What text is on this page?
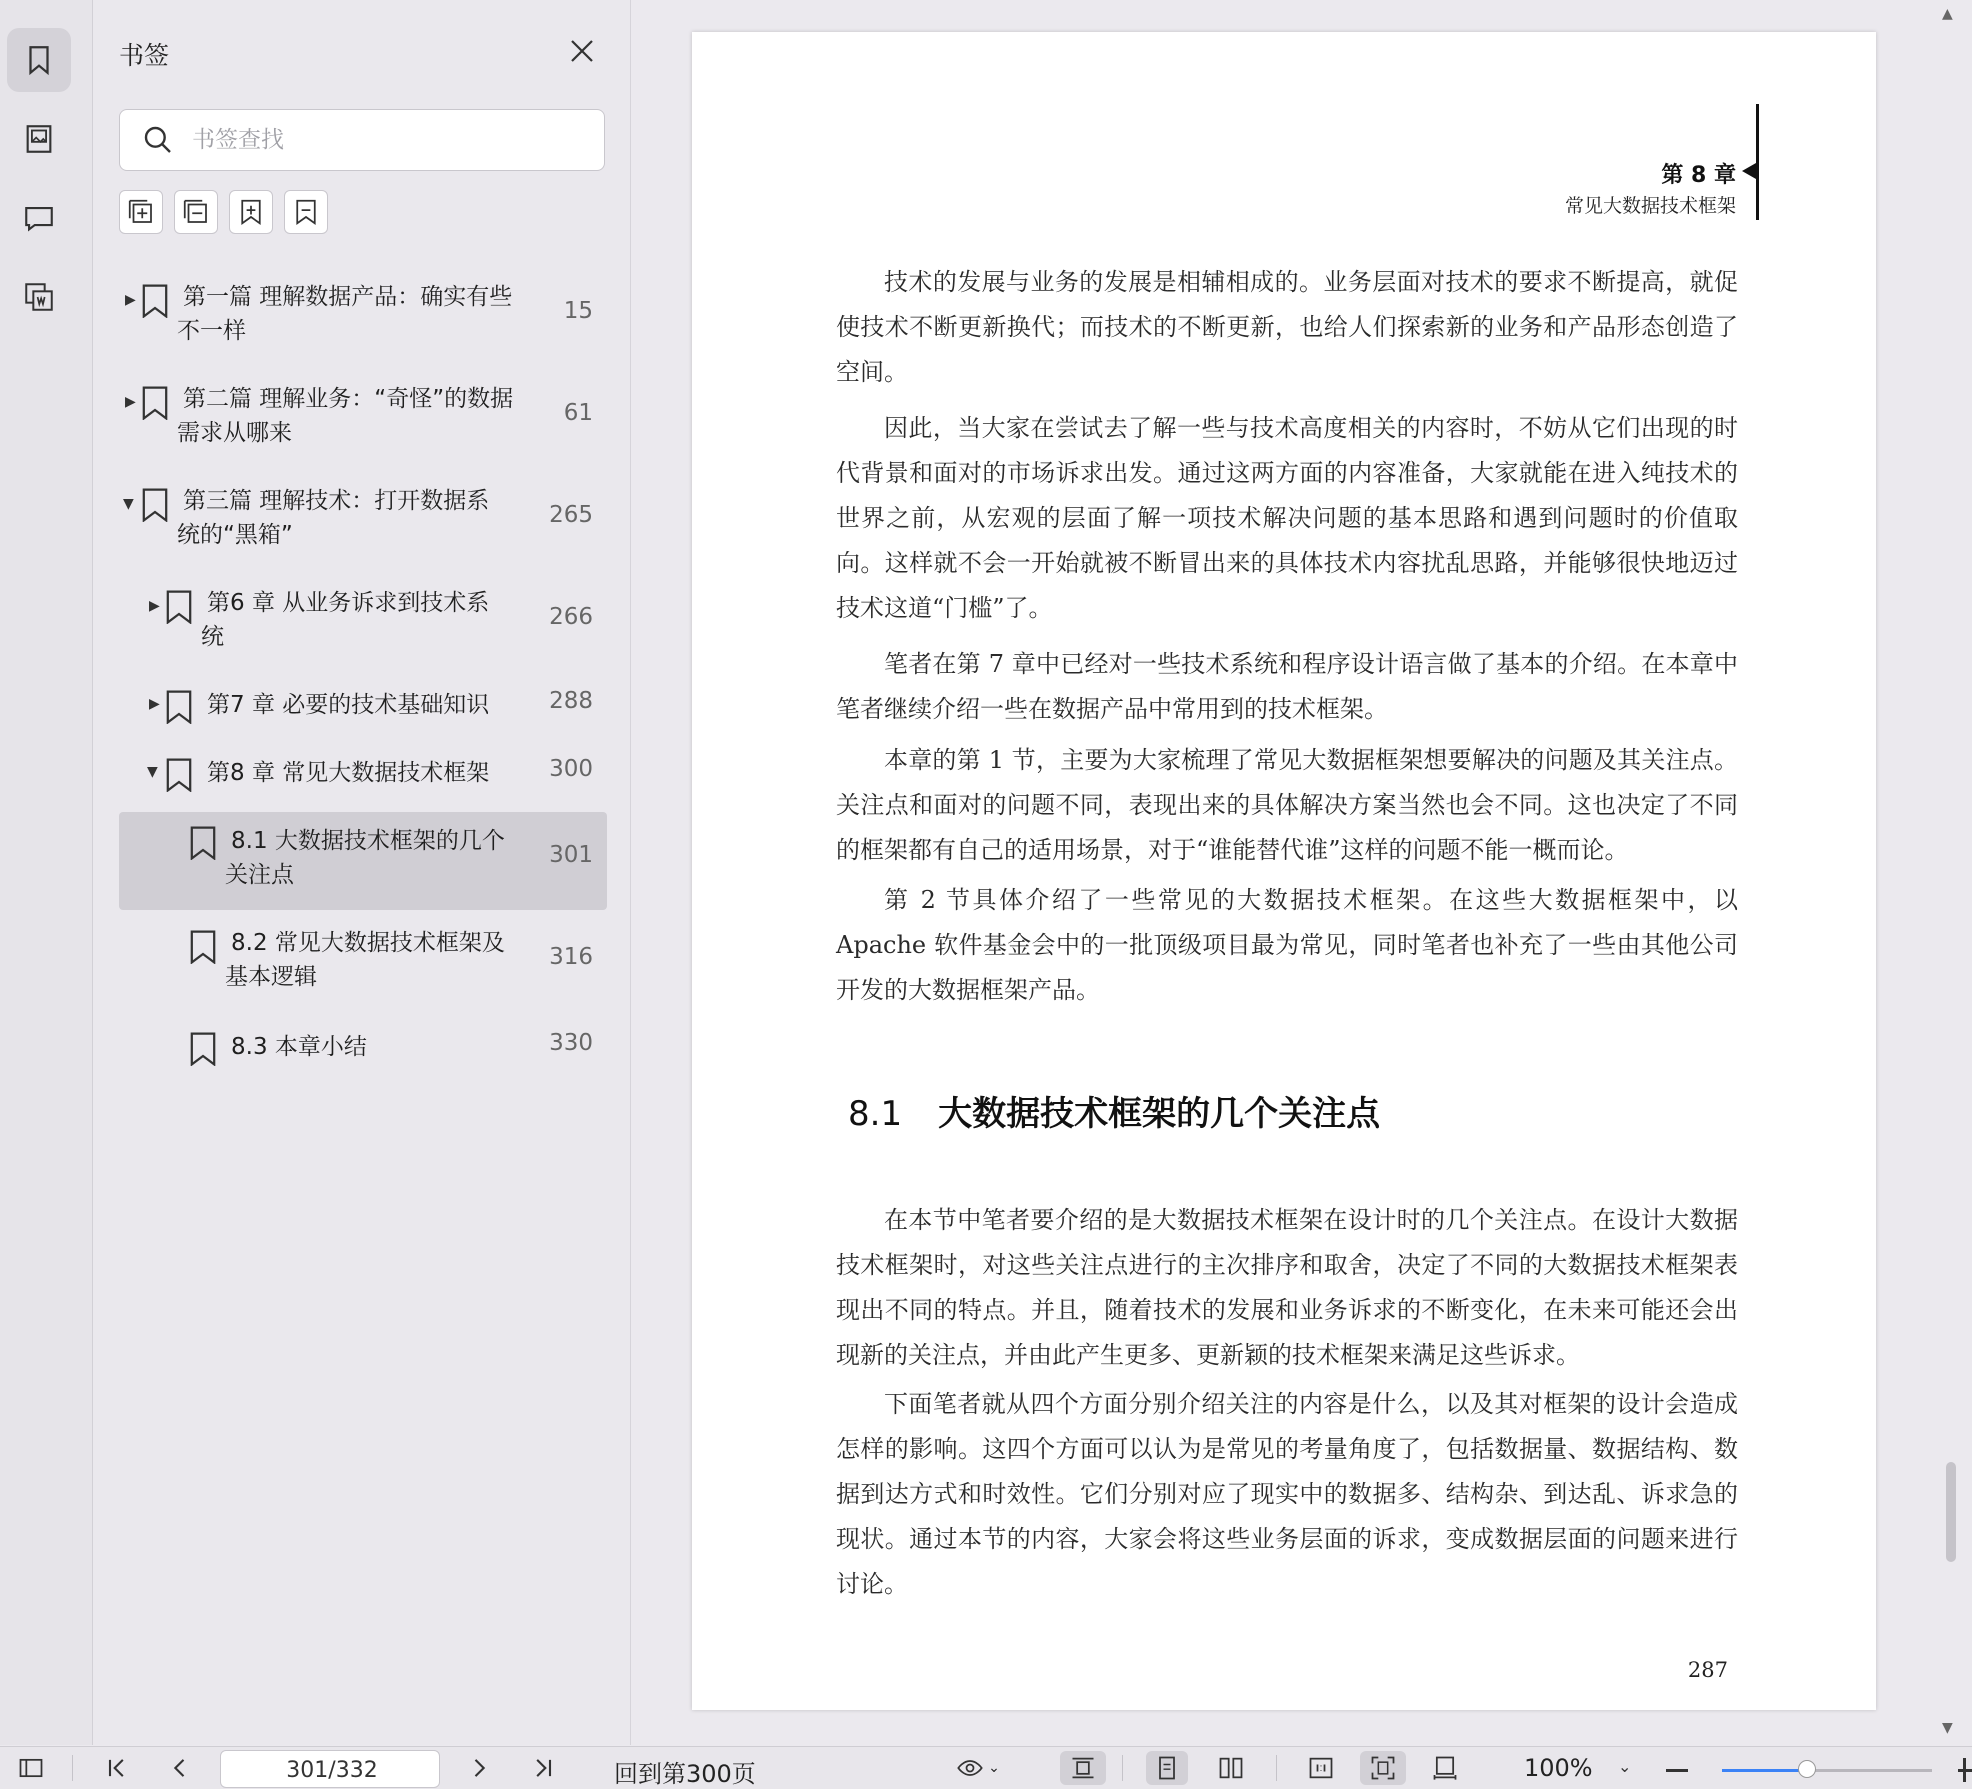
书签
书签查找
▶ 第一篇 理解数据产品：确实有些
不一样
15
▶ 第二篇 理解业务：“奇怪”的数据
需求从哪来
61
▼ 第三篇 理解技术：打开数据系
统的“黑箱”
265
▶ 第6 章 从业务诉求到技术系
统
266
▶ 第7 章 必要的技术基础知识	288
▼ 第8 章 常见大数据技术框架	300
8.1 大数据技术框架的几个
关注点
301
8.2 常见大数据技术框架及
基本逻辑
316
8.3 本章小结	330
第 8 章
常见大数据技术框架

技术的发展与业务的发展是相辅相成的。业务层面对技术的要求不断提高，就促使技术不断更新换代；而技术的不断更新，也给人们探索新的业务和产品形态创造了空间。

因此，当大家在尝试去了解一些与技术高度相关的内容时，不妨从它们出现的时代背景和面对的市场诉求出发。通过这两方面的内容准备，大家就能在进入纯技术的世界之前，从宏观的层面了解一项技术解决问题的基本思路和遇到问题时的价值取向。这样就不会一开始就被不断冒出来的具体技术内容扰乱思路，并能够很快地迈过技术这道“门槛”了。

笔者在第 7 章中已经对一些技术系统和程序设计语言做了基本的介绍。在本章中笔者继续介绍一些在数据产品中常用到的技术框架。

本章的第 1 节，主要为大家梳理了常见大数据框架想要解决的问题及其关注点。关注点和面对的问题不同，表现出来的具体解决方案当然也会不同。这也决定了不同的框架都有自己的适用场景，对于“谁能替代谁”这样的问题不能一概而论。

第 2 节具体介绍了一些常见的大数据技术框架。在这些大数据框架中，以 Apache 软件基金会中的一批顶级项目最为常见，同时笔者也补充了一些由其他公司开发的大数据框架产品。

8.1 大数据技术框架的几个关注点

在本节中笔者要介绍的是大数据技术框架在设计时的几个关注点。在设计大数据技术框架时，对这些关注点进行的主次排序和取舍，决定了不同的大数据技术框架表现出不同的特点。并且，随着技术的发展和业务诉求的不断变化，在未来可能还会出现新的关注点，并由此产生更多、更新颖的技术框架来满足这些诉求。

下面笔者就从四个方面分别介绍关注的内容是什么，以及其对框架的设计会造成怎样的影响。这四个方面可以认为是常见的考量角度了，包括数据量、数据结构、数据到达方式和时效性。它们分别对应了现实中的数据多、结构杂、到达乱、诉求急的现状。通过本节的内容，大家会将这些业务层面的诉求，变成数据层面的问题来进行讨论。

287
▲
▼
301/332
回到第300页	⌄	100% ⌄
